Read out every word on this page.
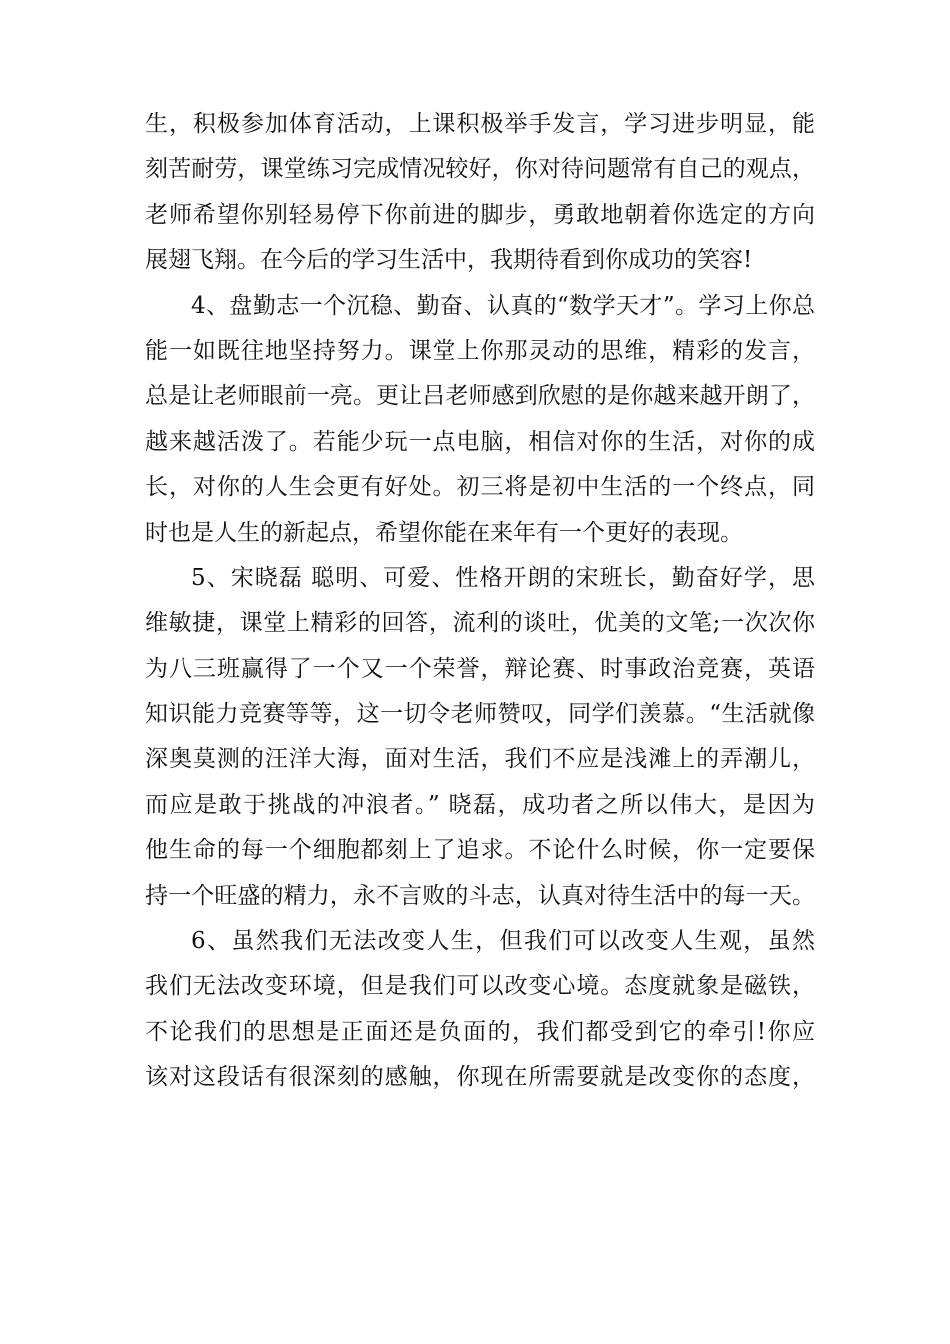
生，积极参加体育活动，上课积极举手发言，学习进步明显，能
刻苦耐劳，课堂练习完成情况较好，你对待问题常有自己的观点，
老师希望你别轻易停下你前进的脚步，勇敢地朝着你选定的方向
展翅飞翔。在今后的学习生活中，我期待看到你成功的笑容!
4、盘勤志一个沉稳、勤奋、认真的“数学天才”。学习上你总
能一如既往地坚持努力。课堂上你那灵动的思维，精彩的发言，
总是让老师眼前一亮。更让吕老师感到欣慰的是你越来越开朗了，
越来越活泼了。若能少玩一点电脑，相信对你的生活，对你的成
长，对你的人生会更有好处。初三将是初中生活的一个终点，同
时也是人生的新起点，希望你能在来年有一个更好的表现。
5、宋晓磊 聪明、可爱、性格开朗的宋班长，勤奋好学，思
维敏捷，课堂上精彩的回答，流利的谈吐，优美的文笔;一次次你
为八三班赢得了一个又一个荣誉，辩论赛、时事政治竞赛，英语
知识能力竞赛等等，这一切令老师赞叹，同学们羡慕。“生活就像
深奥莫测的汪洋大海，面对生活，我们不应是浅滩上的弄潮儿，
而应是敢于挑战的冲浪者。” 晓磊，成功者之所以伟大，是因为
他生命的每一个细胞都刻上了追求。不论什么时候，你一定要保
持一个旺盛的精力，永不言败的斗志，认真对待生活中的每一天。
6、虽然我们无法改变人生，但我们可以改变人生观，虽然
我们无法改变环境，但是我们可以改变心境。态度就象是磁铁，
不论我们的思想是正面还是负面的，我们都受到它的牵引!你应
该对这段话有很深刻的感触，你现在所需要就是改变你的态度，
